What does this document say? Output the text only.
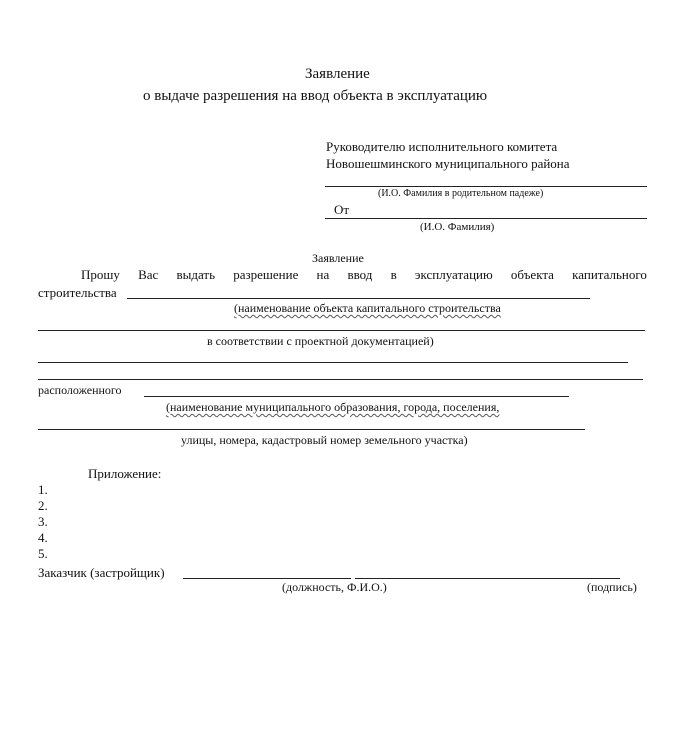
Заявление
о выдаче разрешения на ввод объекта в эксплуатацию
Руководителю исполнительного комитета
Новошешминского муниципального района
(И.О. Фамилия в родительном падеже)
От
(И.О. Фамилия)
Заявление
Прошу Вас выдать разрешение на ввод в эксплуатацию объекта капитального
строительства
(наименование объекта капитального строительства
в соответствии с проектной документацией)
расположенного
(наименование муниципального образования, города, поселения,
улицы, номера, кадастровый номер земельного участка)
Приложение:
1.
2.
3.
4.
5.
Заказчик (застройщик)
(должность, Ф.И.О.)	(подпись)
